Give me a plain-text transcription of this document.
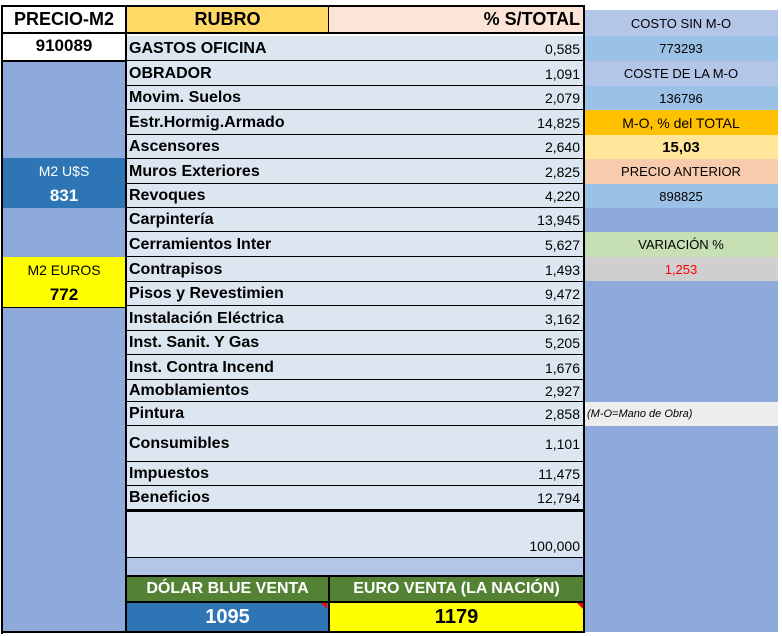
PRECIO-M2
910089
M2 U$S
831
M2 EUROS
772
RUBRO	% S/TOTAL
GASTOS OFICINA	0,585
OBRADOR	1,091
Movim. Suelos	2,079
Estr.Hormig.Armado	14,825
Ascensores	2,640
Muros Exteriores	2,825
Revoques	4,220
Carpintería	13,945
Cerramientos Inter	5,627
Contrapisos	1,493
Pisos y Revestimien	9,472
Instalación Eléctrica	3,162
Inst. Sanit. Y Gas	5,205
Inst. Contra Incend	1,676
Amoblamientos	2,927
Pintura	2,858
Consumibles	1,101
Impuestos	11,475
Beneficios	12,794
100,000
DÓLAR BLUE VENTA	EURO VENTA (LA NACIÓN)
1095	1179
COSTO SIN M-O
773293
COSTE DE LA M-O
136796
M-O, % del TOTAL
15,03
PRECIO ANTERIOR
898825
VARIACIÓN %
1,253
(M-O=Mano de Obra)
